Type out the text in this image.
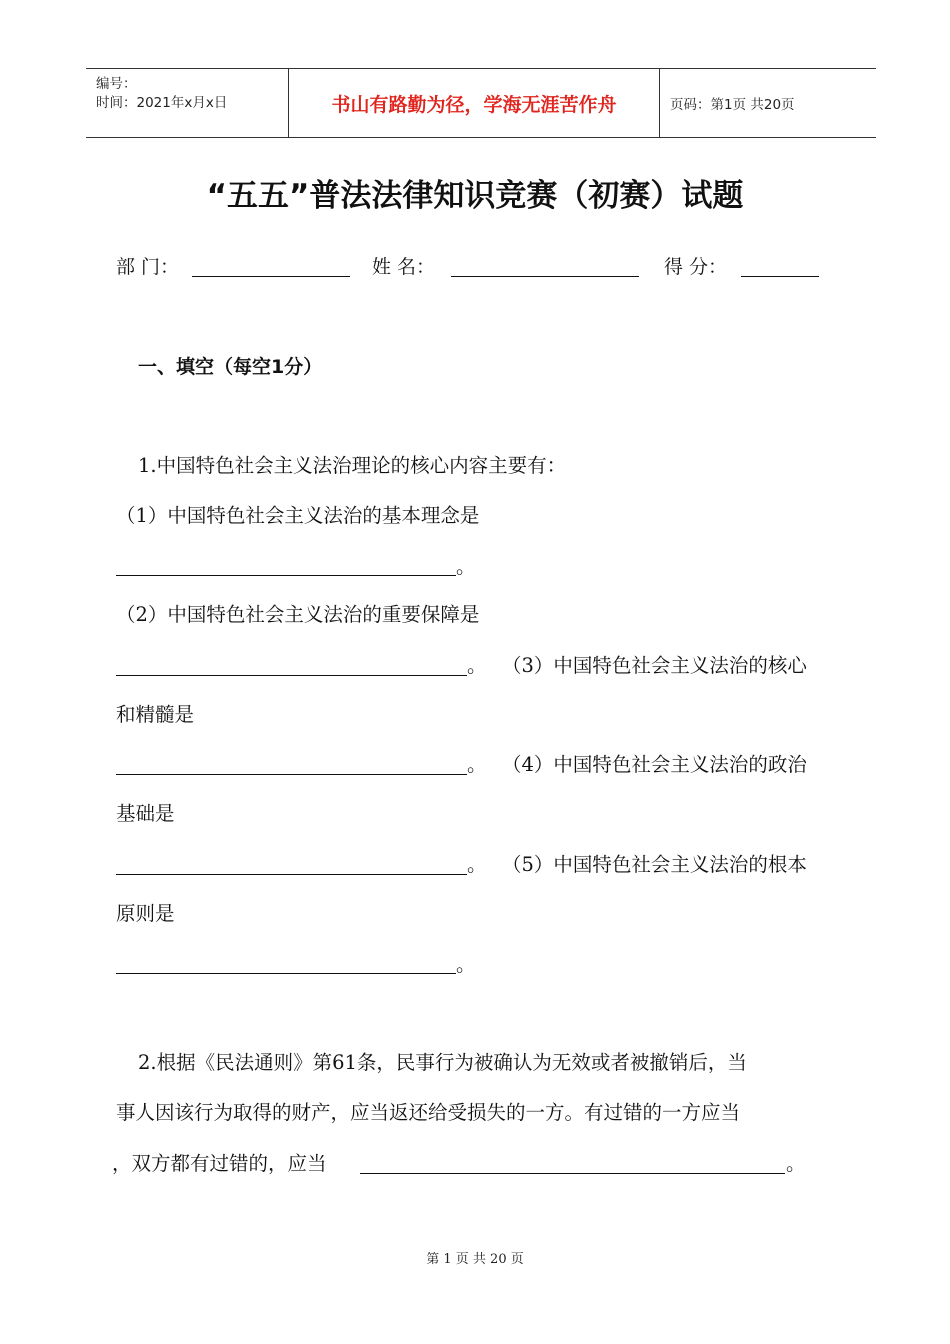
编号：
时间：2021年x月x日	书山有路勤为径，学海无涯苦作舟	页码：第1页 共20页
“五五”普法法律知识竞赛（初赛）试题
部 门：	姓 名：	得 分：
一、填空（每空1分）
1.中国特色社会主义法治理论的核心内容主要有：
（1）中国特色社会主义法治的基本理念是
。
（2）中国特色社会主义法治的重要保障是
。 （3）中国特色社会主义法治的核心
和精髓是
。 （4）中国特色社会主义法治的政治
基础是
。 （5）中国特色社会主义法治的根本
原则是
。
2.根据《民法通则》第61条，民事行为被确认为无效或者被撤销后，当
事人因该行为取得的财产，应当返还给受损失的一方。有过错的一方应当
，双方都有过错的，应当	。
第 1 页 共 20 页
